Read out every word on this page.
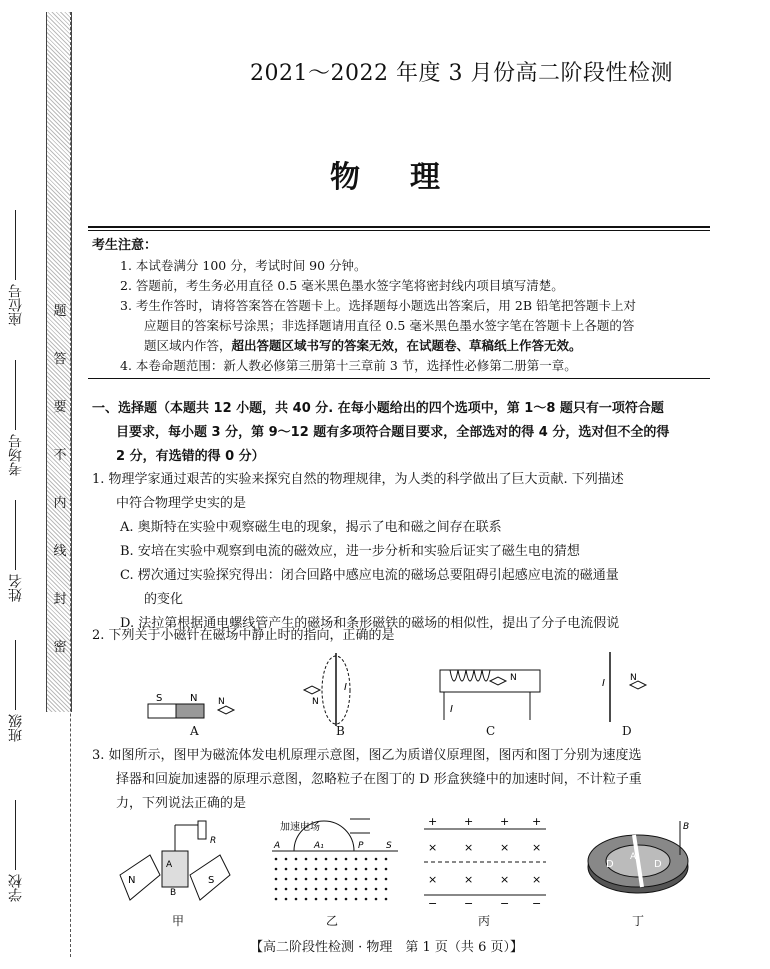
题
答
要
不
内
线
封
密
座位号
考场号
姓名
班级
学校
2021～2022 年度 3 月份高二阶段性检测
物理
考生注意：
1. 本试卷满分 100 分，考试时间 90 分钟。
2. 答题前，考生务必用直径 0.5 毫米黑色墨水签字笔将密封线内项目填写清楚。
3. 考生作答时，请将答案答在答题卡上。选择题每小题选出答案后，用 2B 铅笔把答题卡上对
应题目的答案标号涂黑；非选择题请用直径 0.5 毫米黑色墨水签字笔在答题卡上各题的答
题区域内作答，超出答题区域书写的答案无效，在试题卷、草稿纸上作答无效。
4. 本卷命题范围：新人教必修第三册第十三章前 3 节，选择性必修第二册第一章。
一、选择题（本题共 12 小题，共 40 分. 在每小题给出的四个选项中，第 1～8 题只有一项符合题
目要求，每小题 3 分，第 9～12 题有多项符合题目要求，全部选对的得 4 分，选对但不全的得
2 分，有选错的得 0 分）
1. 物理学家通过艰苦的实验来探究自然的物理规律，为人类的科学做出了巨大贡献. 下列描述
中符合物理学史实的是
A. 奥斯特在实验中观察磁生电的现象，揭示了电和磁之间存在联系
B. 安培在实验中观察到电流的磁效应，进一步分析和实验后证实了磁生电的猜想
C. 楞次通过实验探究得出：闭合回路中感应电流的磁场总要阻碍引起感应电流的磁通量
的变化
D. 法拉第根据通电螺线管产生的磁场和条形磁铁的磁场的相似性，提出了分子电流假说
2. 下列关于小磁针在磁场中静止时的指向，正确的是
S	N N
A
N
I
B
N
I
C
I	N
D
3. 如图所示，图甲为磁流体发电机原理示意图，图乙为质谱仪原理图，图丙和图丁分别为速度选
择器和回旋加速器的原理示意图，忽略粒子在图丁的 D 形盒狭缝中的加速时间，不计粒子重
力，下列说法正确的是
N	S
A
B
R
甲
加速电场
A	A₁	P	S
乙
+ + + +
− − − −
× × × ×
× × × ×
丙
B
D	D
A
丁
【高二阶段性检测 · 物理　第 1 页（共 6 页）】
